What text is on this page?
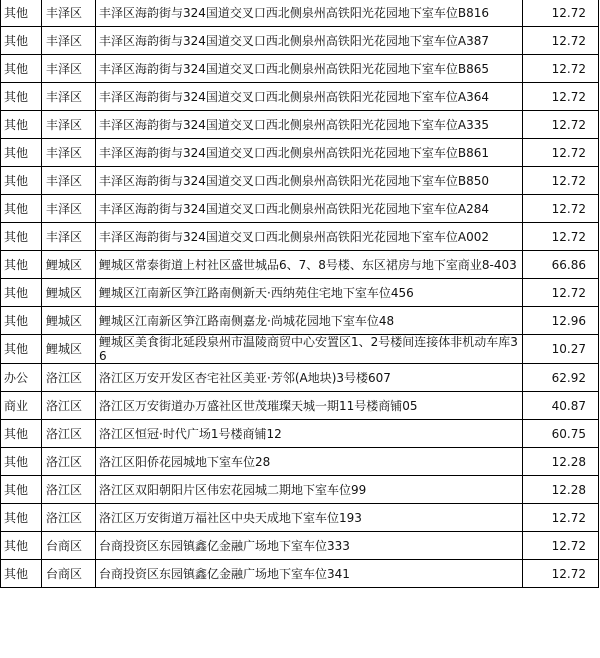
其他	丰泽区	丰泽区海韵街与324国道交叉口西北侧泉州高铁阳光花园地下室车位B816	12.72
其他	丰泽区	丰泽区海韵街与324国道交叉口西北侧泉州高铁阳光花园地下室车位A387	12.72
其他	丰泽区	丰泽区海韵街与324国道交叉口西北侧泉州高铁阳光花园地下室车位B865	12.72
其他	丰泽区	丰泽区海韵街与324国道交叉口西北侧泉州高铁阳光花园地下室车位A364	12.72
其他	丰泽区	丰泽区海韵街与324国道交叉口西北侧泉州高铁阳光花园地下室车位A335	12.72
其他	丰泽区	丰泽区海韵街与324国道交叉口西北侧泉州高铁阳光花园地下室车位B861	12.72
其他	丰泽区	丰泽区海韵街与324国道交叉口西北侧泉州高铁阳光花园地下室车位B850	12.72
其他	丰泽区	丰泽区海韵街与324国道交叉口西北侧泉州高铁阳光花园地下室车位A284	12.72
其他	丰泽区	丰泽区海韵街与324国道交叉口西北侧泉州高铁阳光花园地下室车位A002	12.72
其他	鲤城区	鲤城区常泰街道上村社区盛世城品6、7、8号楼、东区裙房与地下室商业8-403	66.86
其他	鲤城区	鲤城区江南新区笋江路南侧新天·西纳苑住宅地下室车位456	12.72
其他	鲤城区	鲤城区江南新区笋江路南侧嘉龙·尚城花园地下室车位48	12.96
其他	鲤城区	鲤城区美食街北延段泉州市温陵商贸中心安置区1、2号楼间连接体非机动车库36	10.27
办公	洛江区	洛江区万安开发区杏宅社区美亚·芳邻(A地块)3号楼607	62.92
商业	洛江区	洛江区万安街道办万盛社区世茂璀璨天城一期11号楼商铺05	40.87
其他	洛江区	洛江区恒冠·时代广场1号楼商铺12	60.75
其他	洛江区	洛江区阳侨花园城地下室车位28	12.28
其他	洛江区	洛江区双阳朝阳片区伟宏花园城二期地下室车位99	12.28
其他	洛江区	洛江区万安街道万福社区中央天成地下室车位193	12.72
其他	台商区	台商投资区东园镇鑫亿金融广场地下室车位333	12.72
其他	台商区	台商投资区东园镇鑫亿金融广场地下室车位341	12.72
